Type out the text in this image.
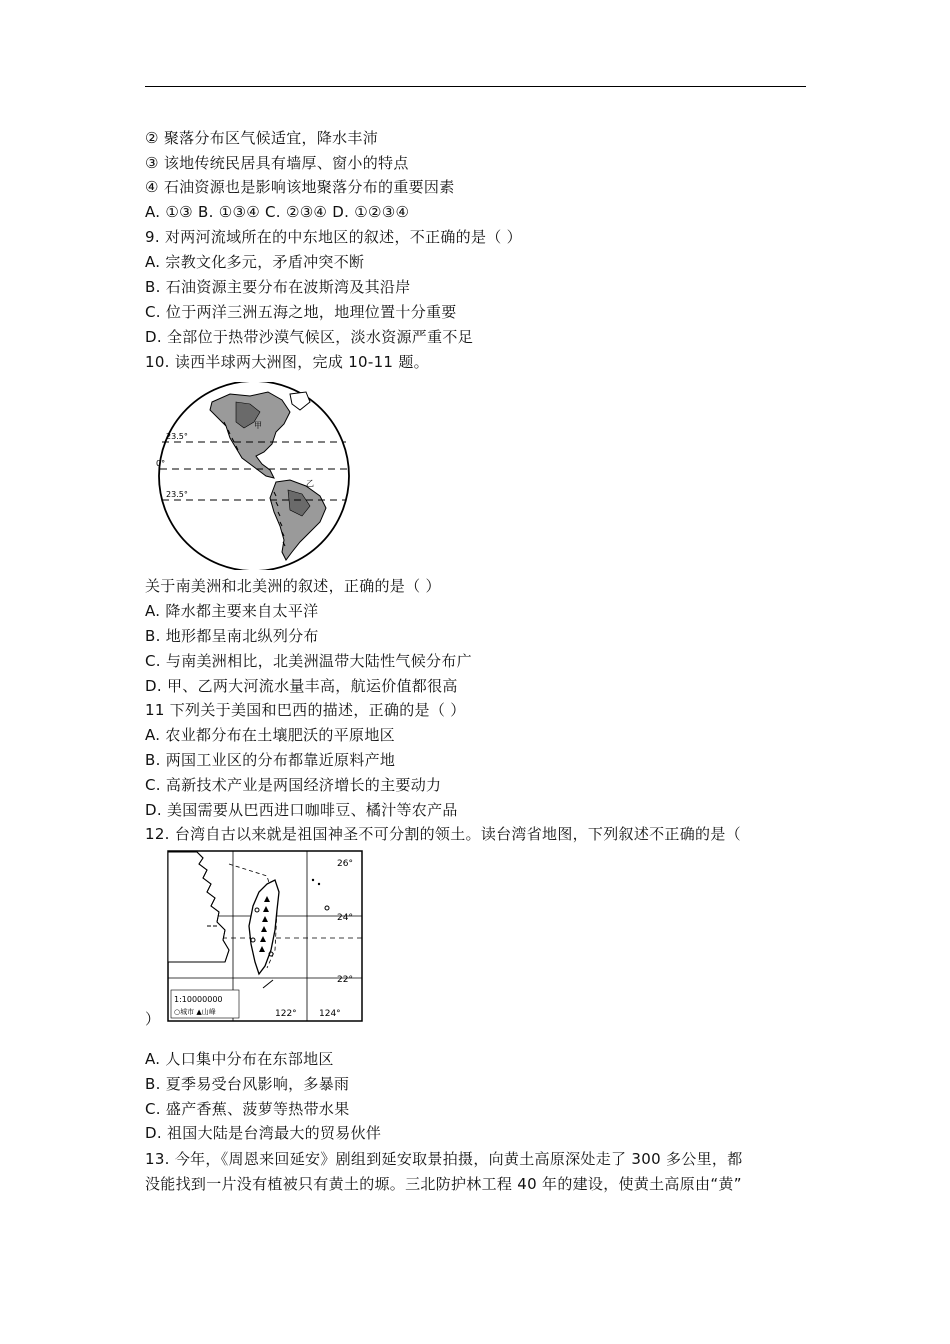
② 聚落分布区气候适宜，降水丰沛
③ 该地传统民居具有墙厚、窗小的特点
④ 石油资源也是影响该地聚落分布的重要因素
A. ①③ B. ①③④ C. ②③④ D. ①②③④
9. 对两河流域所在的中东地区的叙述，不正确的是（ ）
A. 宗教文化多元，矛盾冲突不断
B. 石油资源主要分布在波斯湾及其沿岸
C. 位于两洋三洲五海之地，地理位置十分重要
D. 全部位于热带沙漠气候区，淡水资源严重不足
10. 读西半球两大洲图，完成 10-11 题。
23.5°
0°
23.5°
甲
乙
关于南美洲和北美洲的叙述，正确的是（ ）
A. 降水都主要来自太平洋
B. 地形都呈南北纵列分布
C. 与南美洲相比，北美洲温带大陆性气候分布广
D. 甲、乙两大河流水量丰高，航运价值都很高
11 下列关于美国和巴西的描述，正确的是（ ）
A. 农业都分布在土壤肥沃的平原地区
B. 两国工业区的分布都靠近原料产地
C. 高新技术产业是两国经济增长的主要动力
D. 美国需要从巴西进口咖啡豆、橘汁等农产品
12. 台湾自古以来就是祖国神圣不可分割的领土。读台湾省地图，下列叙述不正确的是（
26°
24°
22°
122° 124°
1:10000000
○城市 ▲山峰
）
A. 人口集中分布在东部地区
B. 夏季易受台风影响，多暴雨
C. 盛产香蕉、菠萝等热带水果
D. 祖国大陆是台湾最大的贸易伙伴
13. 今年，《周恩来回延安》剧组到延安取景拍摄，向黄土高原深处走了 300 多公里，都
没能找到一片没有植被只有黄土的塬。三北防护林工程 40 年的建设，使黄土高原由“黄”
